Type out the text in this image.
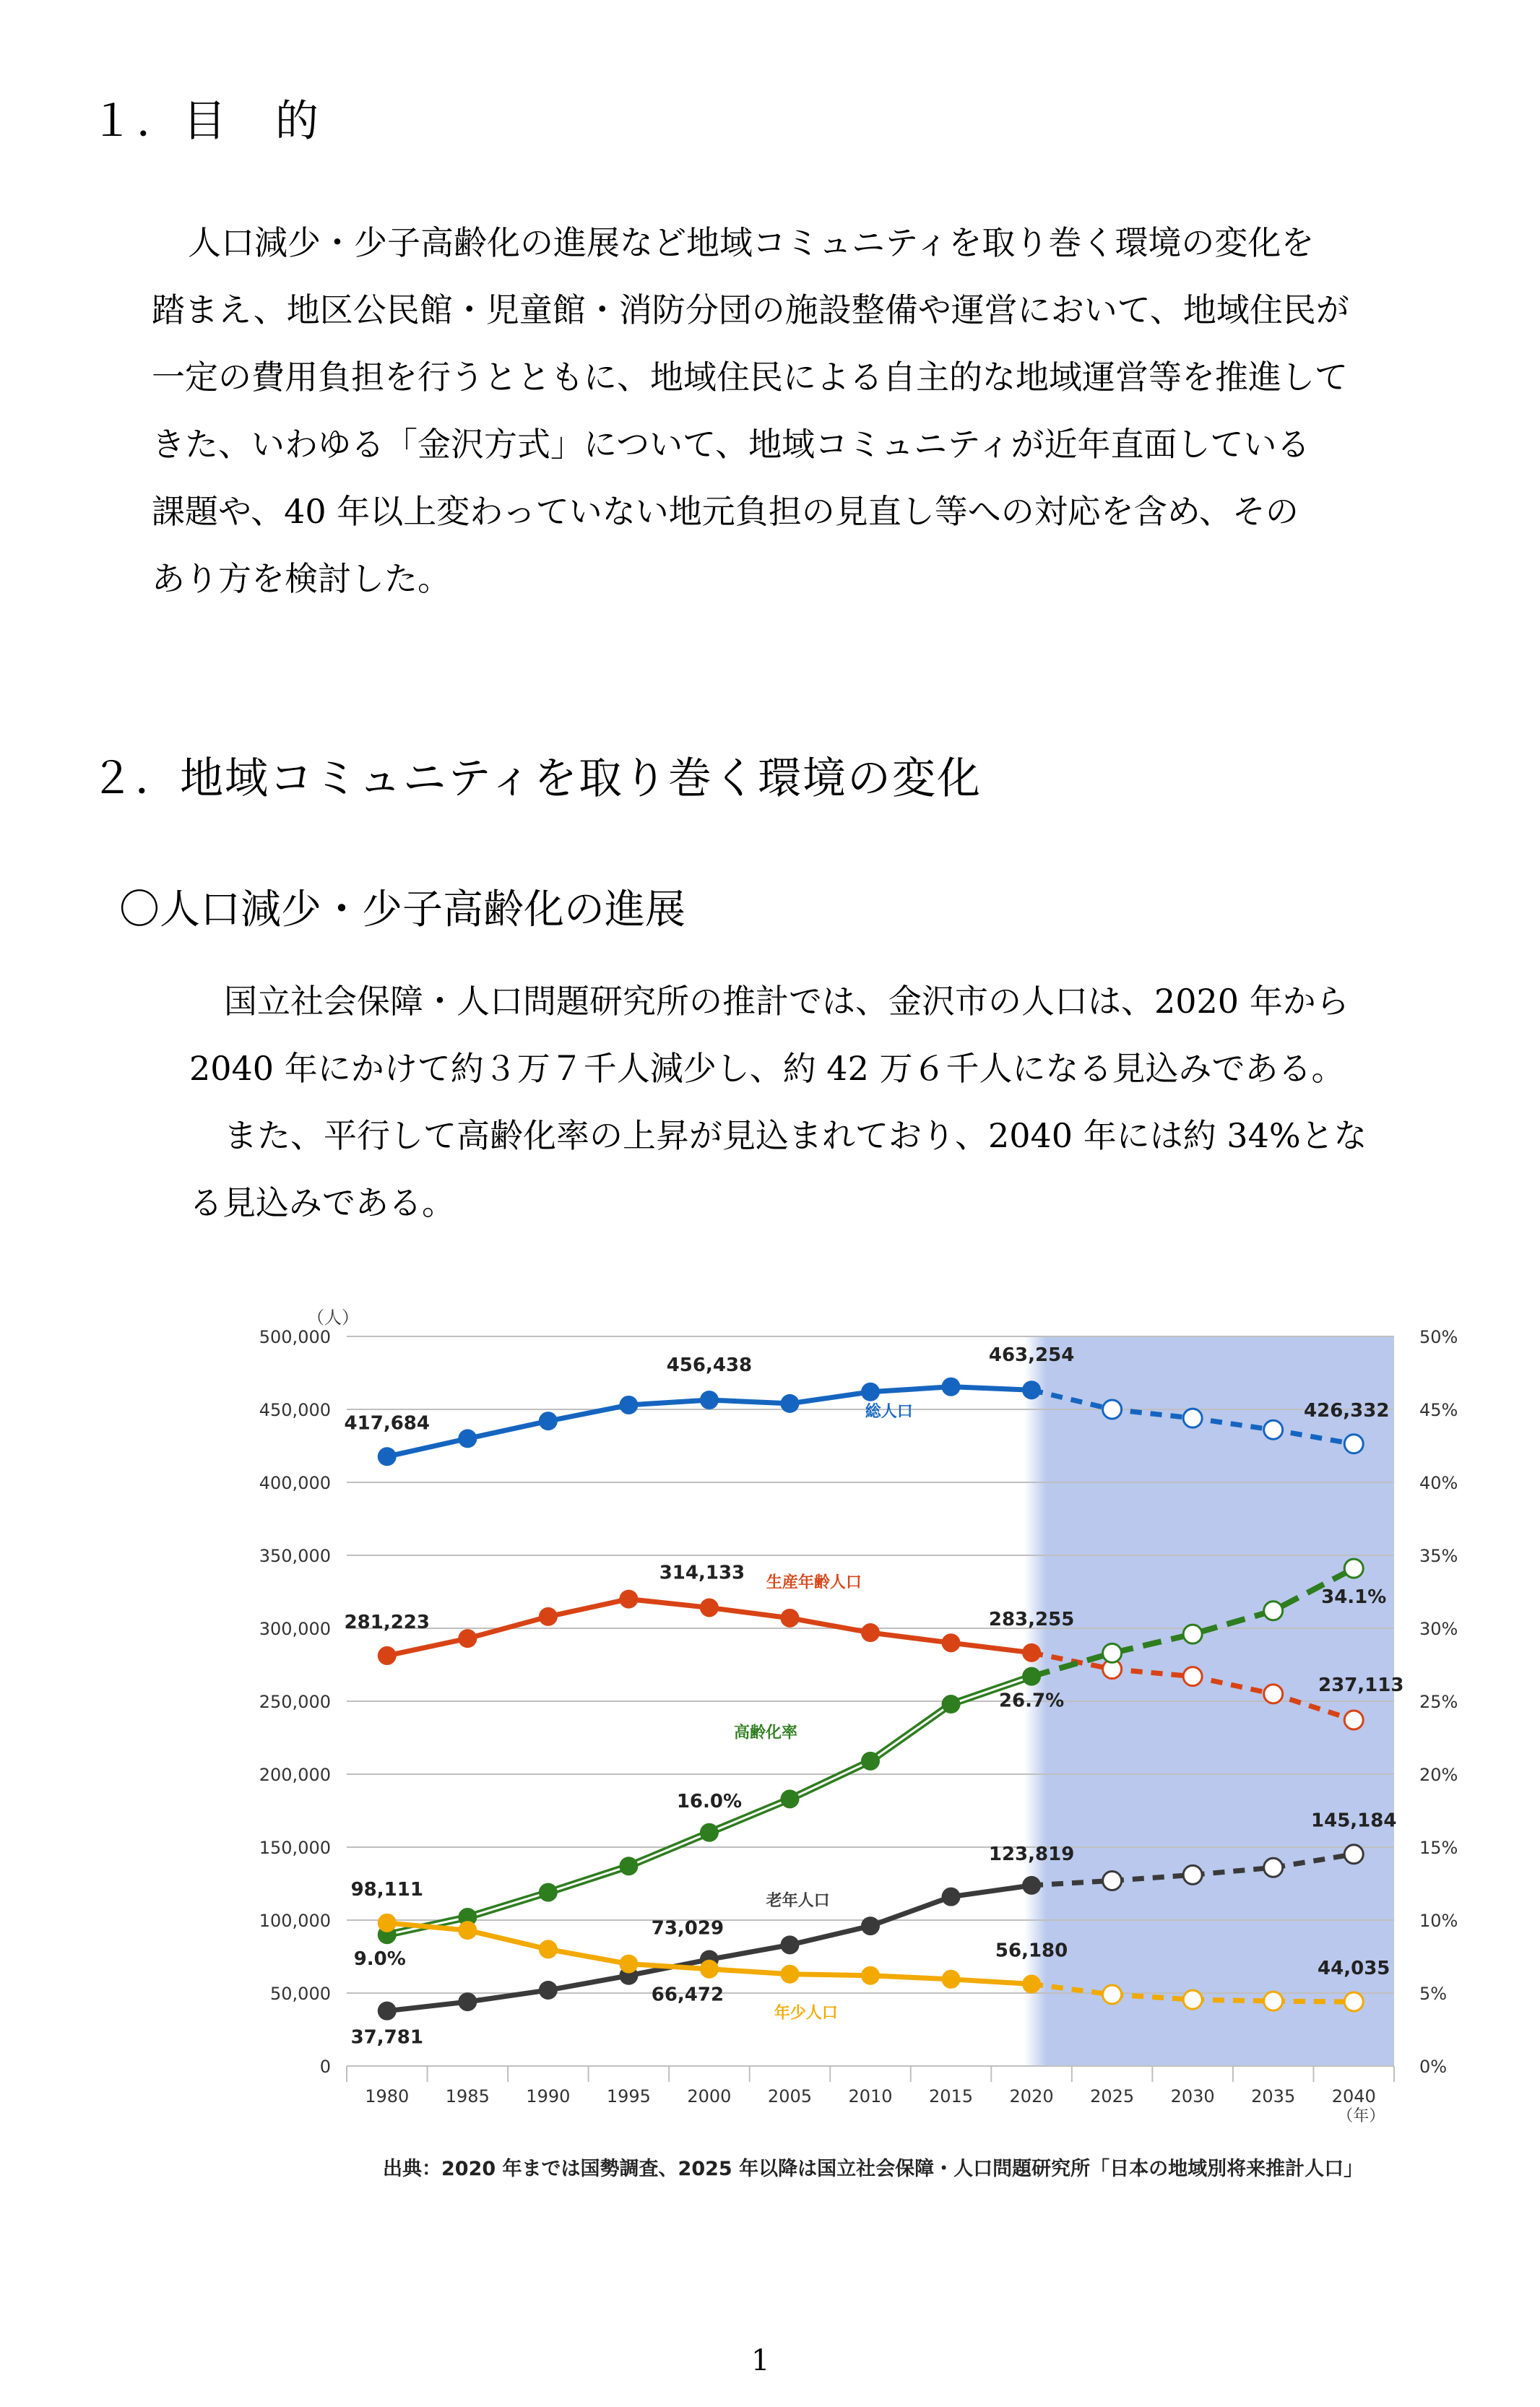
１．目　的

人口減少・少子高齢化の進展など地域コミュニティを取り巻く環境の変化を

踏まえ、地区公民館・児童館・消防分団の施設整備や運営において、地域住民が

一定の費用負担を行うとともに、地域住民による自主的な地域運営等を推進して

きた、いわゆる「金沢方式」について、地域コミュニティが近年直面している

課題や、40 年以上変わっていない地元負担の見直し等への対応を含め、その

あり方を検討した。

２．地域コミュニティを取り巻く環境の変化
〇人口減少・少子高齢化の進展

国立社会保障・人口問題研究所の推計では、金沢市の人口は、2020 年から

2040 年にかけて約３万７千人減少し、約 42 万６千人になる見込みである。

また、平行して高齢化率の上昇が見込まれており、2040 年には約 34%とな

る見込みである。

0
50,000
100,000
150,000
200,000
250,000
300,000
350,000
400,000
450,000
500,000
0%
5%
10%
15%
20%
25%
30%
35%
40%
45%
50%
（人）
1980 1985 1990 1995 2000 2005 2010 2015 2020 2025 2030 2035 2040
（年）
417,684
456,438	463,254
426,332
総人口
281,223
314,133
283,255
237,113
生産年齢人口
9.0%
16.0%
26.7%
34.1%
高齢化率
37,781
73,029
123,819
145,184
老年人口
98,111
66,472
56,180
44,035
年少人口
出典：2020 年までは国勢調査、2025 年以降は国立社会保障・人口問題研究所「日本の地域別将来推計人口」
1
